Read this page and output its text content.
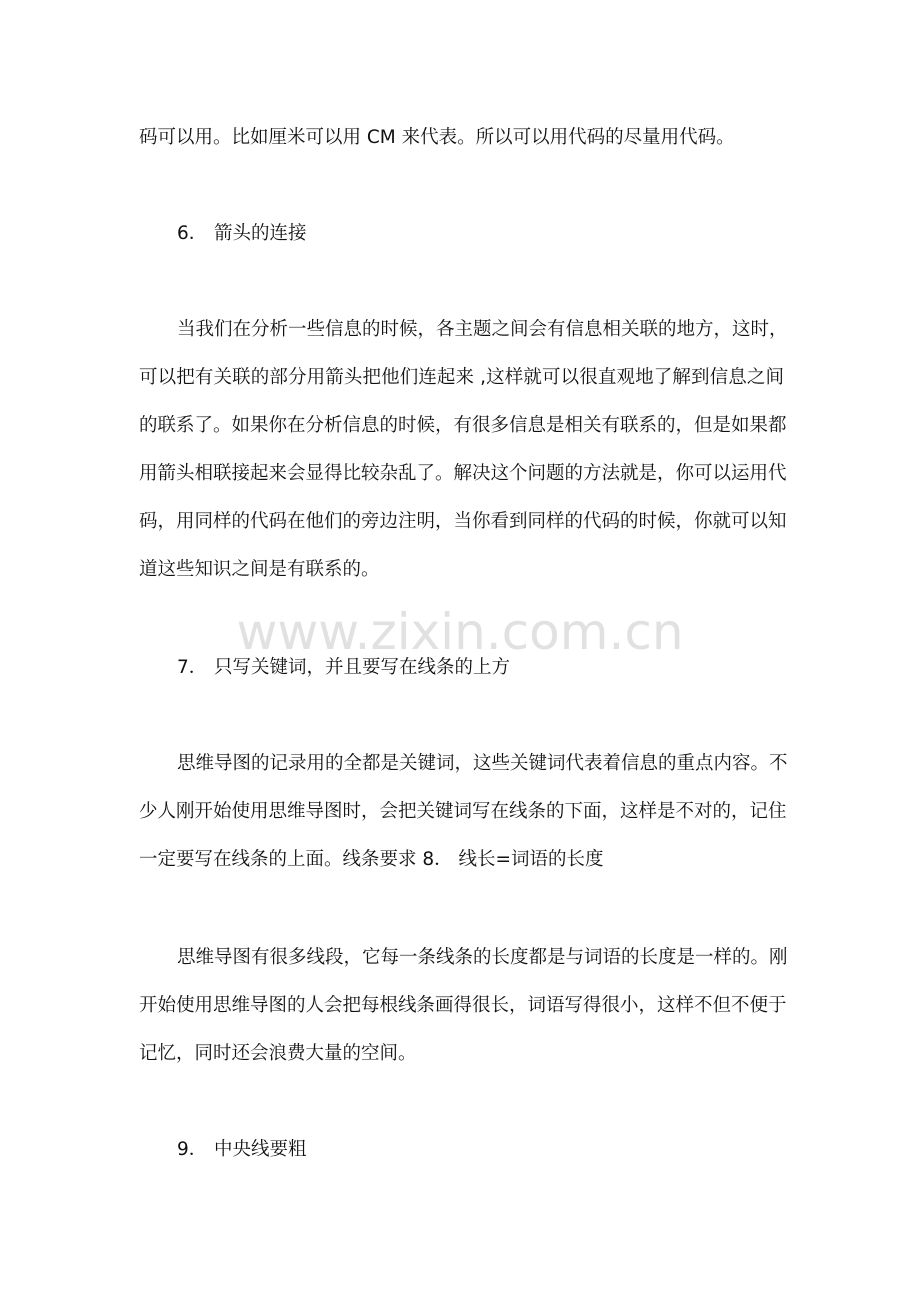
码可以用。比如厘米可以用 CM 来代表。所以可以用代码的尽量用代码。
6． 箭头的连接
当我们在分析一些信息的时候，各主题之间会有信息相关联的地方，这时，
可以把有关联的部分用箭头把他们连起来 ,这样就可以很直观地了解到信息之间
的联系了。如果你在分析信息的时候，有很多信息是相关有联系的，但是如果都
用箭头相联接起来会显得比较杂乱了。解决这个问题的方法就是，你可以运用代
码，用同样的代码在他们的旁边注明，当你看到同样的代码的时候，你就可以知
道这些知识之间是有联系的。
www.zixin.com.cn
7． 只写关键词，并且要写在线条的上方
思维导图的记录用的全都是关键词，这些关键词代表着信息的重点内容。不
少人刚开始使用思维导图时，会把关键词写在线条的下面，这样是不对的，记住
一定要写在线条的上面。线条要求 8． 线长=词语的长度
思维导图有很多线段，它每一条线条的长度都是与词语的长度是一样的。刚
开始使用思维导图的人会把每根线条画得很长，词语写得很小，这样不但不便于
记忆，同时还会浪费大量的空间。
9． 中央线要粗
